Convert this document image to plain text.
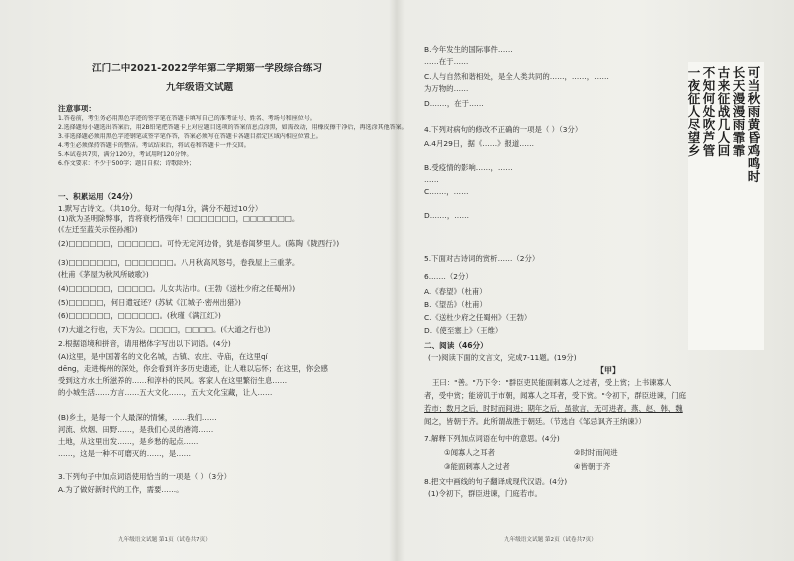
江门二中2021-2022学年第二学期第一学段综合练习
九年级语文试题
注意事项：
1.答卷前，考生务必用黑色字迹的签字笔在答题卡填写自己的准考证号、姓名、考场号和座位号。
2.选择题每小题选出答案后，用2B铅笔把答题卡上对应题目选项的答案信息点涂黑，如需改动，用橡皮擦干净后，再选涂其他答案。
3.非选择题必须用黑色字迹钢笔或签字笔作答，答案必须写在答题卡各题目指定区域内相应位置上。
4.考生必须保持答题卡的整洁。考试结束后，将试卷和答题卡一并交回。
5.本试卷共7页，满分120分，考试用时120分钟。
6.作文要求：不少于500字；题目自拟；诗歌除外；
一、积累运用（24分）
1.默写古诗文。（共10分。每对一句得1分，满分不超过10分）
(1)欲为圣明除弊事，肯将衰朽惜残年！□□□□□□□，□□□□□□□。
(《左迁至蓝关示侄孙湘》)
(2)□□□□□□，□□□□□□。可怜无定河边骨，犹是春闺梦里人。(陈陶《陇西行》)
(3)□□□□□□□，□□□□□□□。八月秋高风怒号，卷我屋上三重茅。
(杜甫《茅屋为秋风所破歌》)
(4)□□□□□□，□□□□□。儿女共沾巾。(王勃《送杜少府之任蜀州》)
(5)□□□□□，何日遣冠还？(苏轼《江城子·密州出猎》)
(6)□□□□□□，□□□□□□。(秋瑾《满江红》)
(7)大道之行也，天下为公。□□□□，□□□□。(《大道之行也》)
2.根据语境和拼音，请用楷体字写出以下词语。(4分)
(A)这里，是中国著名的文化名城，古镇、农庄、寺庙，在这里qí
dēng，走进梅州的深处，你会看到许多历史遗迹，让人难以忘怀；在这里，你会感
受到这方水土所滋养的……和淳朴的民风。客家人在这里繁衍生息……
的小城生活……方言……五大文化……，五大文化宝藏，让人……
(B)乡土，是每一个人最深的情愫，……我们……
河流、炊烟、田野……，是我们心灵的港湾……
土地，从这里出发……，是乡愁的起点……
……，这是一种不可磨灭的……，是……
3.下列句子中加点词语使用恰当的一项是（ ）（3分）
A.为了做好新时代的工作，需要……。
九年级语文试题 第1页（试卷共7页）
B.今年发生的国际事件……
……在于……
C.人与自然和谐相处，是全人类共同的……，……，……
为万物的……
D.……，在于……
4.下列对病句的修改不正确的一项是（ ）（3分）
A.4月29日，据《……》报道……
B.受疫情的影响……，……
……
C.……，……
D.……，……
5.下面对古诗词的赏析……（2分）
6.……（2分）
A.《春望》（杜甫）
B.《望岳》（杜甫）
C.《送杜少府之任蜀州》（王勃）
D.《使至塞上》（王维）
可当秋雨黄昏鸡鸣时
长天漫漫雨霏霏
古来征战几人回
不知何处吹芦管
一夜征人尽望乡
二、阅读（46分）
(一)阅读下面的文言文，完成7-11题。(19分)
【甲】
王曰："善。"乃下令："群臣吏民能面刺寡人之过者，受上赏；上书谏寡人
者，受中赏；能谤讥于市朝，闻寡人之耳者，受下赏。"令初下，群臣进谏，门庭
若市；数月之后，时时而间进；期年之后，虽欲言，无可进者。燕、赵、韩、魏
闻之，皆朝于齐。此所谓战胜于朝廷。（节选自《邹忌讽齐王纳谏》）
7.解释下列加点词语在句中的意思。(4分)
①闻寡人之耳者	②时时而间进
③能面刺寡人之过者	④皆朝于齐
8.把文中画线的句子翻译成现代汉语。(4分)
(1)令初下，群臣进谏，门庭若市。
九年级语文试题 第2页（试卷共7页）
